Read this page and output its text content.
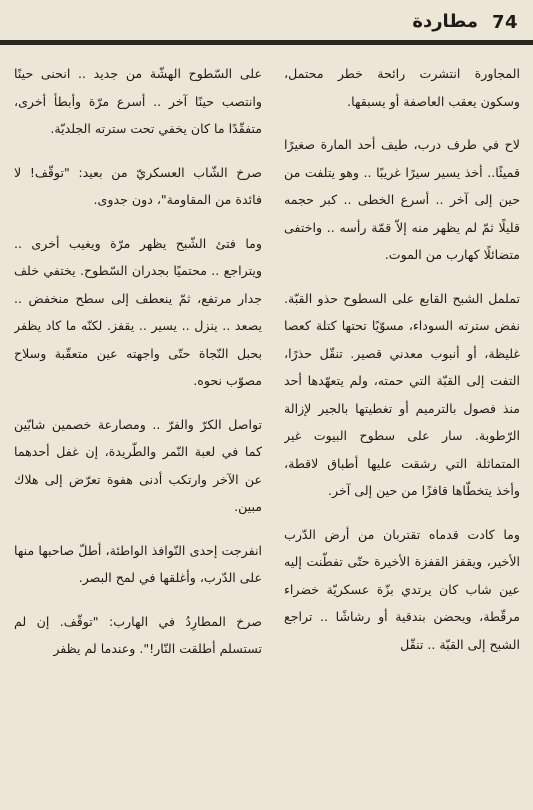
74
مطاردة

المجاورة انتشرت رائحة خطر محتمل، وسكون يعقب العاصفة أو يسبقها.

لاح في طرف درب، طيف أحد المارة صغيرًا قميئًا.. أخذ يسير سيرًا غريبًا .. وهو يتلفت من حين إلى آخر .. أسرع الخطى .. كبر حجمه قليلًا ثمّ لم يظهر منه إلاّ قمّة رأسه .. واختفى متضائلًا كهارب من الموت.

تململ الشبح القابع على السطوح حذو القبّة. نفض سترته السوداء، مسوّيًا تحتها كتلة كعصا غليظة، أو أنبوب معدني قصير. تنقّل حذرًا، التفت إلى القبّة التي حمته، ولم يتعهّدها أحد منذ فصول بالترميم أو تغطيتها بالجير لإزالة الرّطوبة. سار على سطوح البيوت غير المتماثلة التي رشقت عليها أطباق لاقطة، وأخذ يتخطّاها قافزًا من حين إلى آخر.

وما كادت قدماه تقتربان من أرض الدّرب الأخير، ويقفز القفزة الأخيرة حتّى تفطّنت إليه عين شاب كان يرتدي بزّة عسكريّة خضراء مرقّطة، ويحضن بندقية أو رشاشًا .. تراجع الشبح إلى القبّة .. تنقّل

على السّطوح الهشّة من جديد .. انحنى حينًا وانتصب حينًا آخر .. أسرع مرّة وأبطأ أخرى، متفقّدًا ما كان يخفي تحت سترته الجلديّة.

صرخ الشّاب العسكريّ من بعيد: "توقّف! لا فائدة من المقاومة"، دون جدوى.

وما فتئ الشّبح يظهر مرّة ويغيب أخرى .. ويتراجع .. محتميًا بجدران السّطوح. يختفي خلف جدار مرتفع، ثمّ ينعطف إلى سطح منخفض .. يصعد .. ينزل .. يسير .. يقفز. لكنّه ما كاد يظفر بحبل النّجاة حتّى واجهته عين متعقّبة وسلاح مصوّب نحوه.

تواصل الكرّ والفرّ .. ومصارعة خصمين شابّين كما في لعبة النّمر والطّريدة، إن غفل أحدهما عن الآخر وارتكب أدنى هفوة تعرّض إلى هلاك مبين.

انفرجت إحدى النّوافذ الواطئة، أطلّ صاحبها منها على الدّرب، وأغلقها في لمح البصر.

صرخ المطارِدُ في الهارب: "توقّف. إن لم تستسلم أطلقت النّار!". وعندما لم يظفر
